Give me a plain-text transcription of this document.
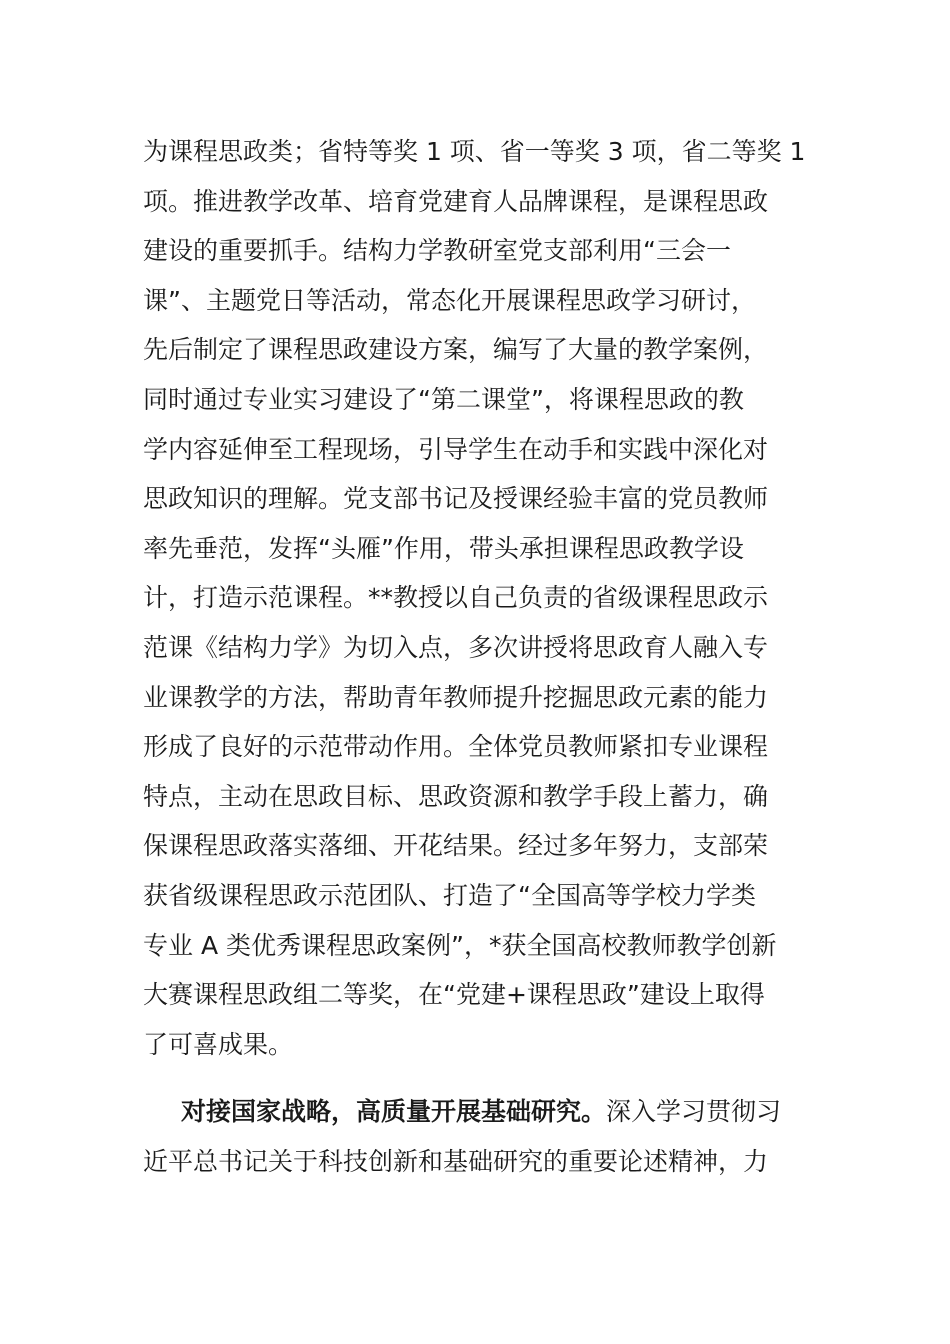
为课程思政类；省特等奖 1 项、省一等奖 3 项，省二等奖 1
项。推进教学改革、培育党建育人品牌课程，是课程思政
建设的重要抓手。结构力学教研室党支部利用“三会一
课”、主题党日等活动，常态化开展课程思政学习研讨，
先后制定了课程思政建设方案，编写了大量的教学案例，
同时通过专业实习建设了“第二课堂”，将课程思政的教
学内容延伸至工程现场，引导学生在动手和实践中深化对
思政知识的理解。党支部书记及授课经验丰富的党员教师
率先垂范，发挥“头雁”作用，带头承担课程思政教学设
计，打造示范课程。**教授以自己负责的省级课程思政示
范课《结构力学》为切入点，多次讲授将思政育人融入专
业课教学的方法，帮助青年教师提升挖掘思政元素的能力
形成了良好的示范带动作用。全体党员教师紧扣专业课程
特点，主动在思政目标、思政资源和教学手段上蓄力，确
保课程思政落实落细、开花结果。经过多年努力，支部荣
获省级课程思政示范团队、打造了“全国高等学校力学类
专业 A 类优秀课程思政案例”，*获全国高校教师教学创新
大赛课程思政组二等奖，在“党建+课程思政”建设上取得
了可喜成果。
对接国家战略，高质量开展基础研究。深入学习贯彻习
近平总书记关于科技创新和基础研究的重要论述精神，力
